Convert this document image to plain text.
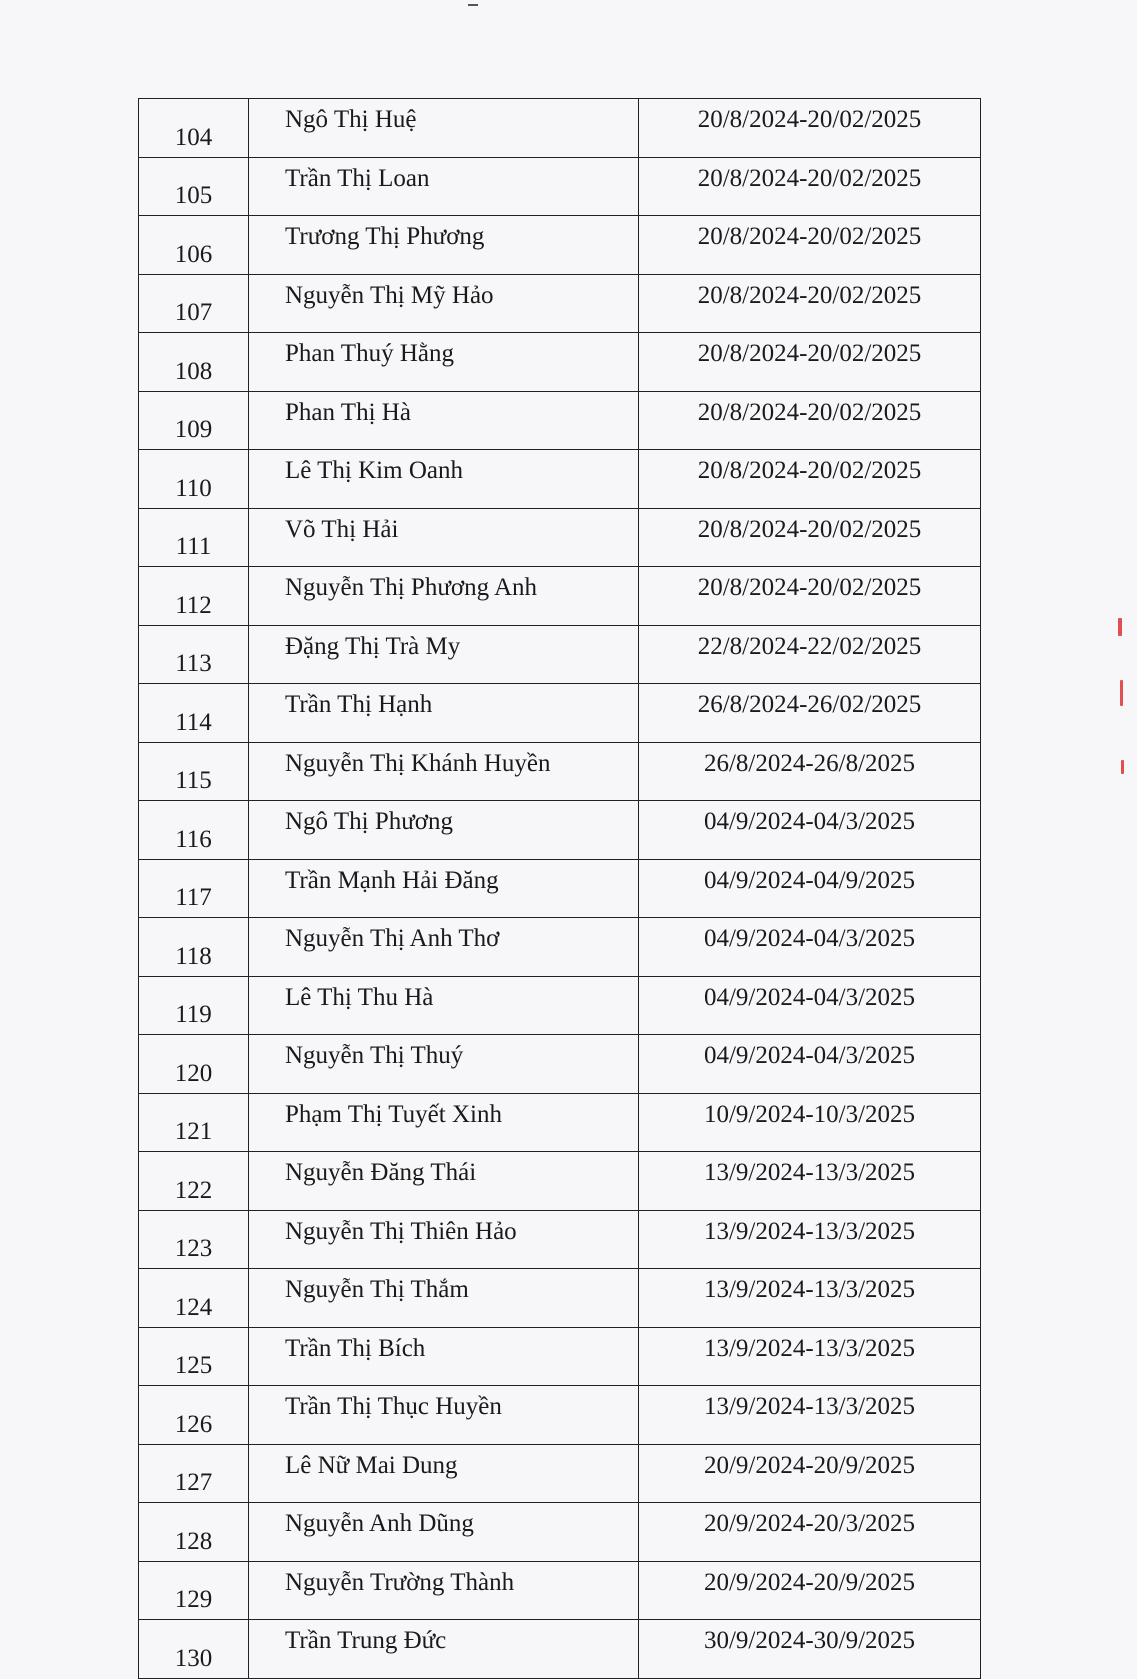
104	Ngô Thị Huệ	20/8/2024-20/02/2025
105	Trần Thị Loan	20/8/2024-20/02/2025
106	Trương Thị Phương	20/8/2024-20/02/2025
107	Nguyễn Thị Mỹ Hảo	20/8/2024-20/02/2025
108	Phan Thuý Hằng	20/8/2024-20/02/2025
109	Phan Thị Hà	20/8/2024-20/02/2025
110	Lê Thị Kim Oanh	20/8/2024-20/02/2025
111	Võ Thị Hải	20/8/2024-20/02/2025
112	Nguyễn Thị Phương Anh	20/8/2024-20/02/2025
113	Đặng Thị Trà My	22/8/2024-22/02/2025
114	Trần Thị Hạnh	26/8/2024-26/02/2025
115	Nguyễn Thị Khánh Huyền	26/8/2024-26/8/2025
116	Ngô Thị Phương	04/9/2024-04/3/2025
117	Trần Mạnh Hải Đăng	04/9/2024-04/9/2025
118	Nguyễn Thị Anh Thơ	04/9/2024-04/3/2025
119	Lê Thị Thu Hà	04/9/2024-04/3/2025
120	Nguyễn Thị Thuý	04/9/2024-04/3/2025
121	Phạm Thị Tuyết Xinh	10/9/2024-10/3/2025
122	Nguyễn Đăng Thái	13/9/2024-13/3/2025
123	Nguyễn Thị Thiên Hảo	13/9/2024-13/3/2025
124	Nguyễn Thị Thắm	13/9/2024-13/3/2025
125	Trần Thị Bích	13/9/2024-13/3/2025
126	Trần Thị Thục Huyền	13/9/2024-13/3/2025
127	Lê Nữ Mai Dung	20/9/2024-20/9/2025
128	Nguyễn Anh Dũng	20/9/2024-20/3/2025
129	Nguyễn Trường Thành	20/9/2024-20/9/2025
130	Trần Trung Đức	30/9/2024-30/9/2025
